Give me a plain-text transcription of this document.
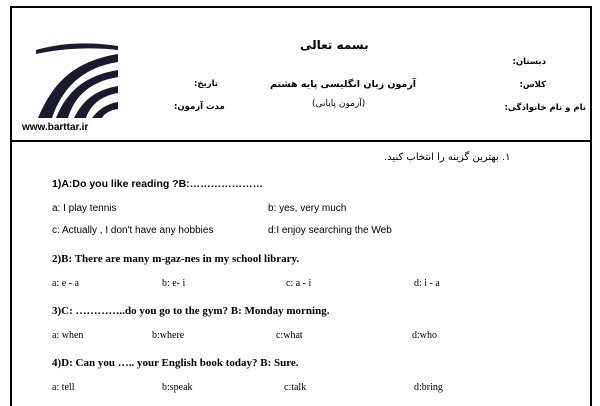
بسمه تعالی
دبستان:
کلاس:
نام و نام خانوادگی:
آزمون زبان انگلیسی پایه هشتم
(آزمون پایانی)
تاریخ:
مدت آزمون:
www.barttar.ir
۱. بهترین گزینه را انتخاب کنید.
1)A:Do you like reading ?B:…………………
a: I play tennis	b: yes, very much
c: Actually , I don't have any hobbies	d:I enjoy searching the Web
2)B: There are many m-gaz-nes in my school library.
a: e - a	b: e- i	c: a - i	d: i - a
3)C: …………..do you go to the gym? B: Monday morning.
a: when	b:where	c:what	d:who
4)D: Can you ….. your English book today? B: Sure.
a: tell	b:speak	c:talk	d:bring
